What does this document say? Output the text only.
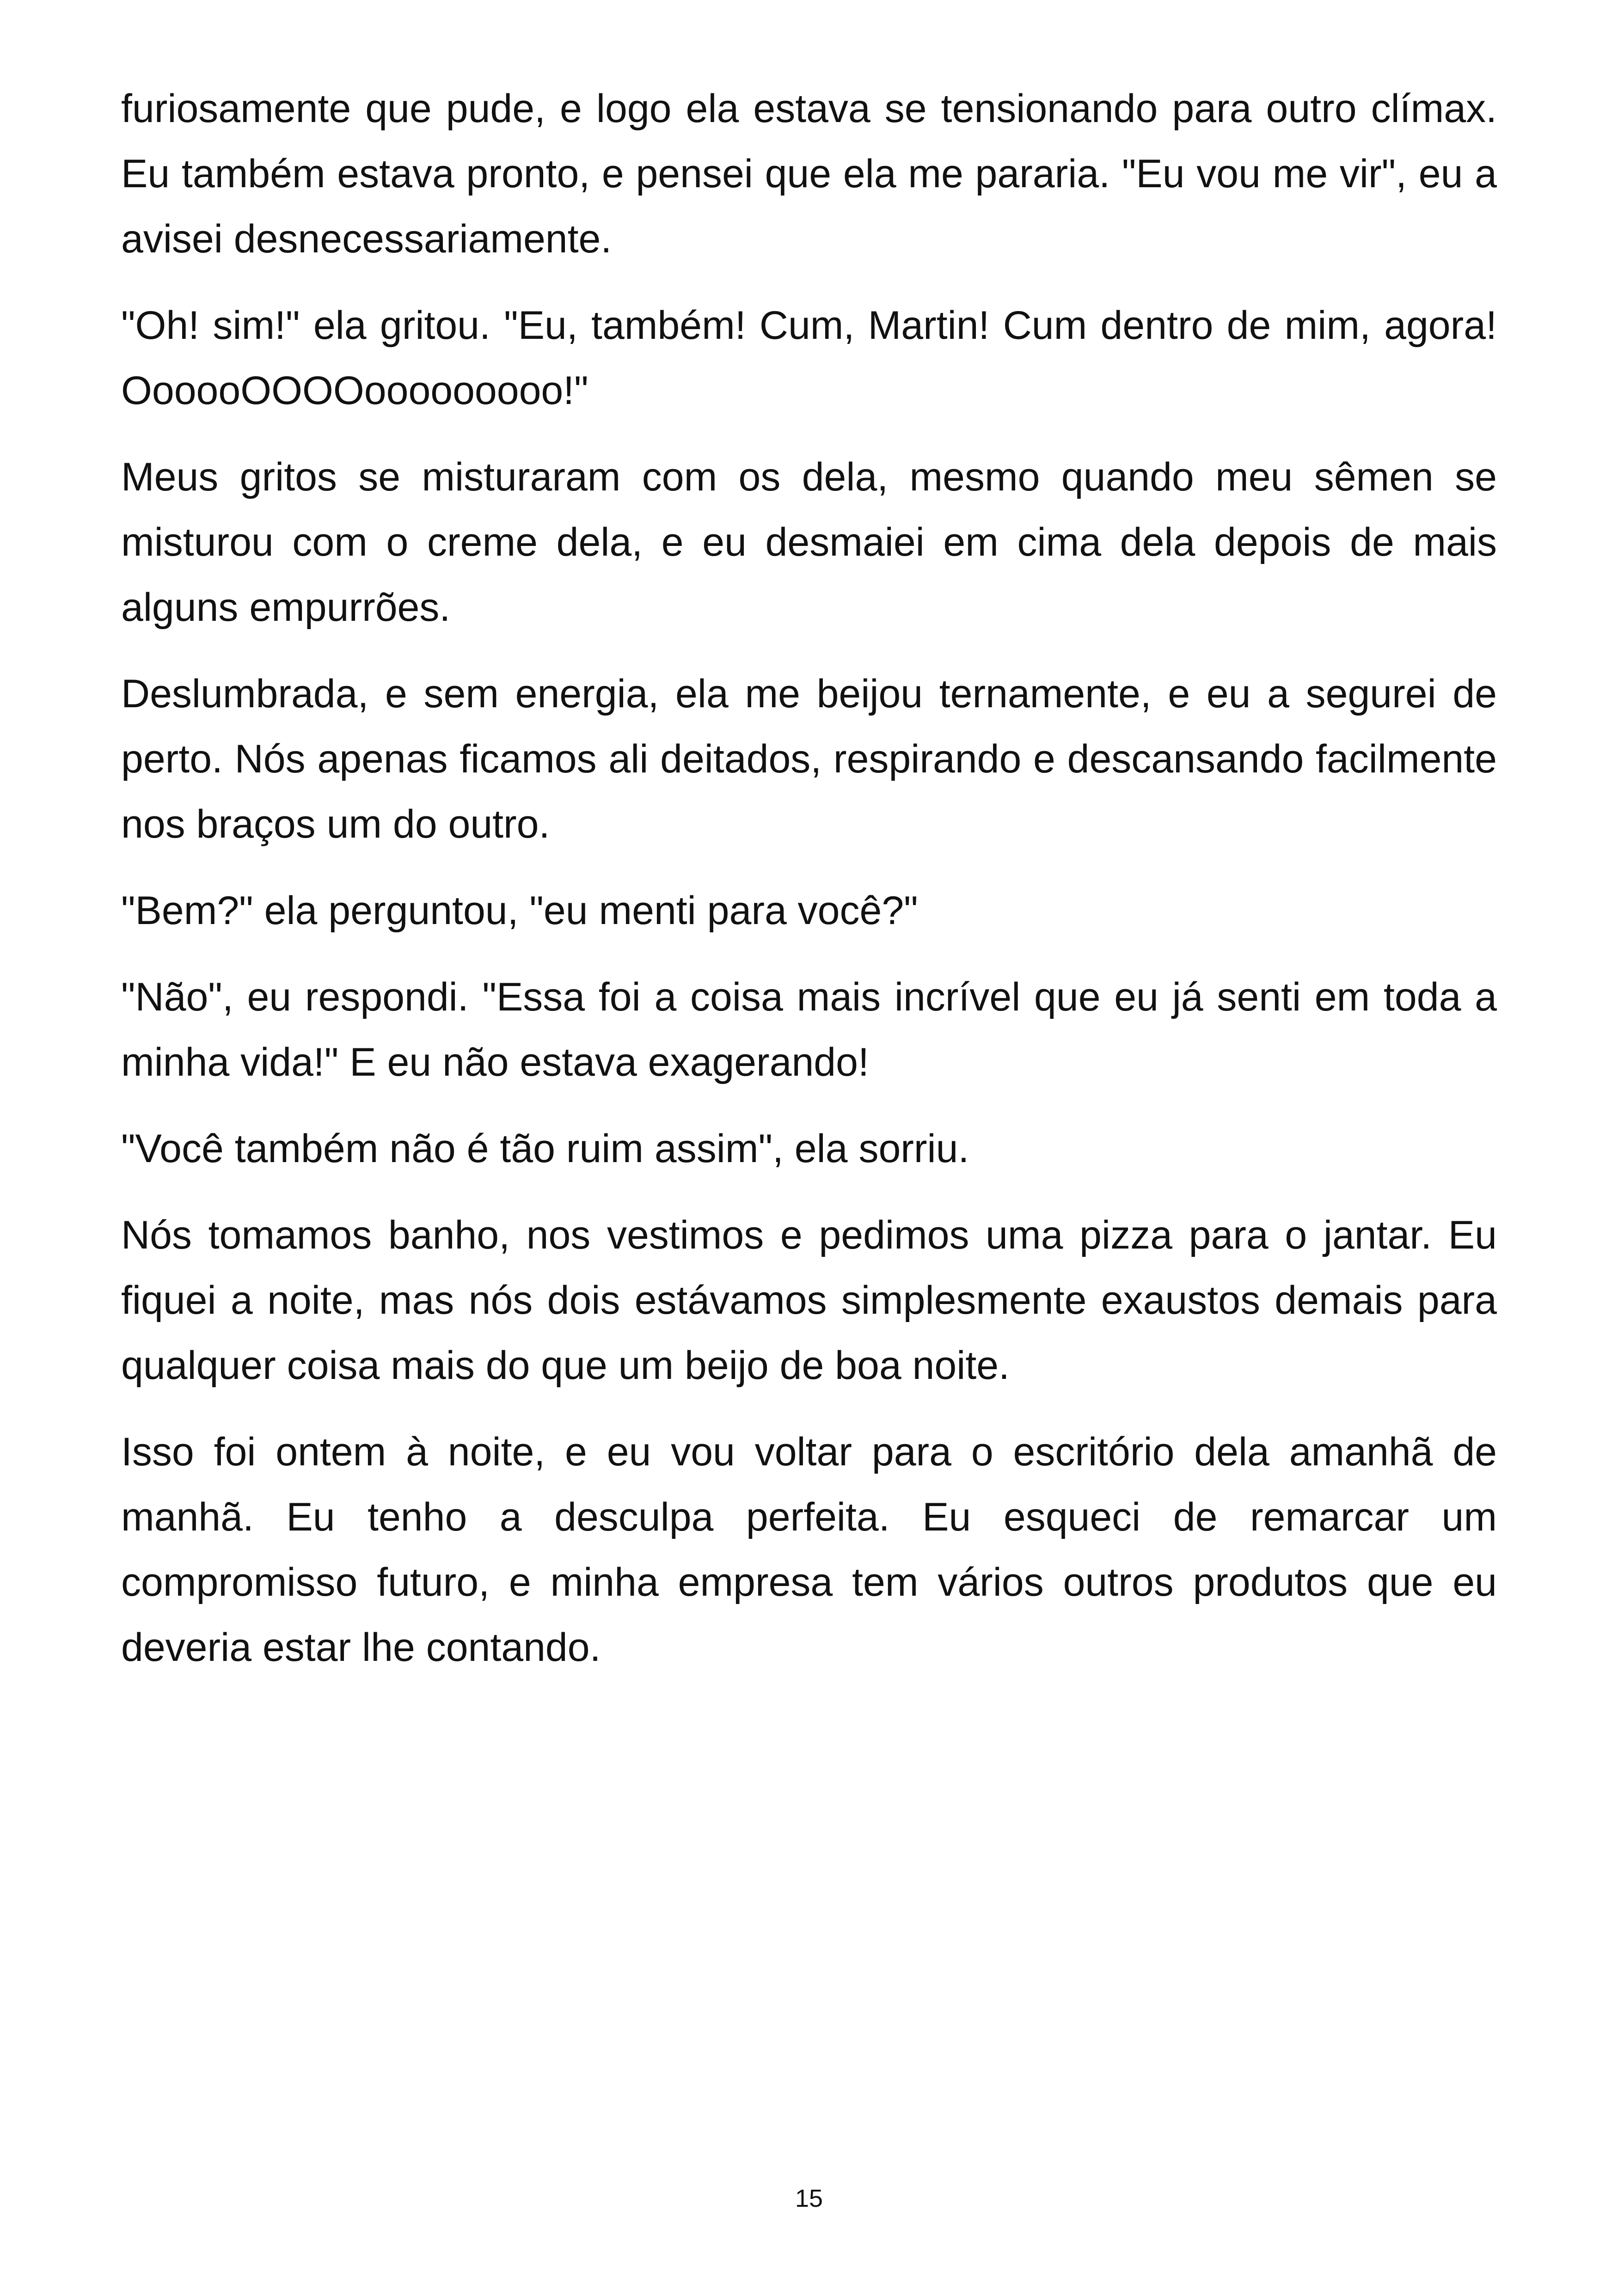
furiosamente que pude, e logo ela estava se tensionando para outro clímax. Eu também estava pronto, e pensei que ela me pararia. "Eu vou me vir", eu a avisei desnecessariamente.

"Oh! sim!" ela gritou. "Eu, também! Cum, Martin! Cum dentro de mim, agora! OooooOOOOooooooooo!"

Meus gritos se misturaram com os dela, mesmo quando meu sêmen se misturou com o creme dela, e eu desmaiei em cima dela depois de mais alguns empurrões.

Deslumbrada, e sem energia, ela me beijou ternamente, e eu a segurei de perto. Nós apenas ficamos ali deitados, respirando e descansando facilmente nos braços um do outro.

"Bem?" ela perguntou, "eu menti para você?"

"Não", eu respondi. "Essa foi a coisa mais incrível que eu já senti em toda a minha vida!" E eu não estava exagerando!

"Você também não é tão ruim assim", ela sorriu.

Nós tomamos banho, nos vestimos e pedimos uma pizza para o jantar. Eu fiquei a noite, mas nós dois estávamos simplesmente exaustos demais para qualquer coisa mais do que um beijo de boa noite.

Isso foi ontem à noite, e eu vou voltar para o escritório dela amanhã de manhã. Eu tenho a desculpa perfeita. Eu esqueci de remarcar um compromisso futuro, e minha empresa tem vários outros produtos que eu deveria estar lhe contando.

15
